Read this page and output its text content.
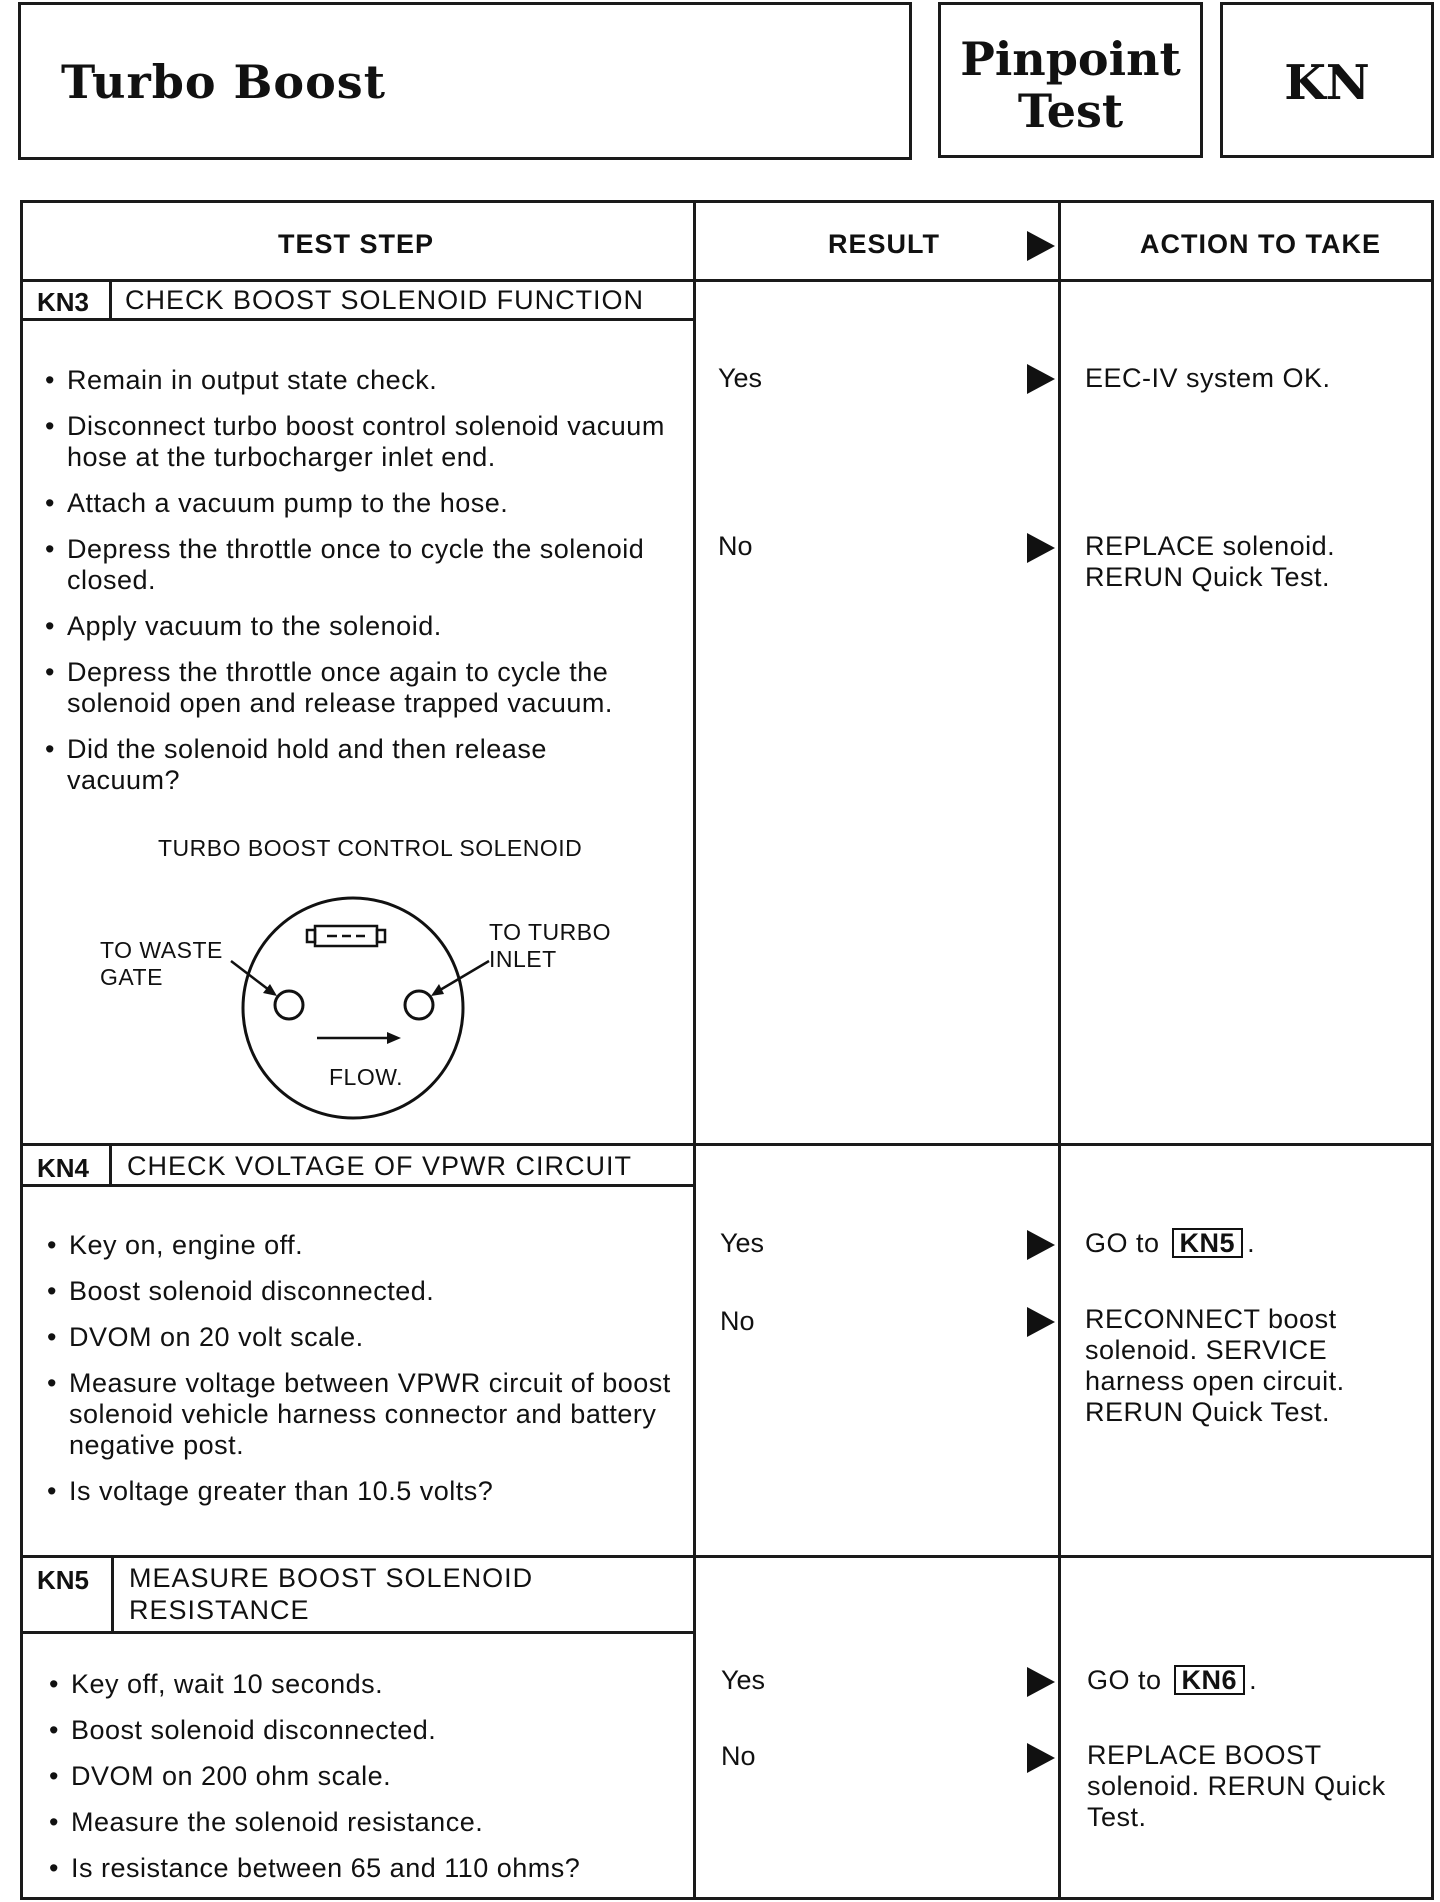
Turbo Boost	Pinpoint
Test	KN
TEST STEP	RESULT	ACTION TO TAKE
KN3 CHECK BOOST SOLENOID FUNCTION
• Remain in output state check.
• Disconnect turbo boost control solenoid vacuum hose at the turbocharger inlet end.
• Attach a vacuum pump to the hose.
• Depress the throttle once to cycle the solenoid closed.
• Apply vacuum to the solenoid.
• Depress the throttle once again to cycle the solenoid open and release trapped vacuum.
• Did the solenoid hold and then release vacuum?
TURBO BOOST CONTROL SOLENOID
TO WASTE
GATE
TO TURBO
INLET
FLOW.
Yes	EEC-IV system OK.
No	REPLACE solenoid.
RERUN Quick Test.
KN4 CHECK VOLTAGE OF VPWR CIRCUIT
• Key on, engine off.
• Boost solenoid disconnected.
• DVOM on 20 volt scale.
• Measure voltage between VPWR circuit of boost solenoid vehicle harness connector and battery negative post.
• Is voltage greater than 10.5 volts?
Yes	GO to KN5 .
No	RECONNECT boost
solenoid. SERVICE
harness open circuit.
RERUN Quick Test.
KN5 MEASURE BOOST SOLENOID
RESISTANCE
• Key off, wait 10 seconds.
• Boost solenoid disconnected.
• DVOM on 200 ohm scale.
• Measure the solenoid resistance.
• Is resistance between 65 and 110 ohms?
Yes	GO to KN6 .
No	REPLACE BOOST
solenoid. RERUN Quick
Test.
